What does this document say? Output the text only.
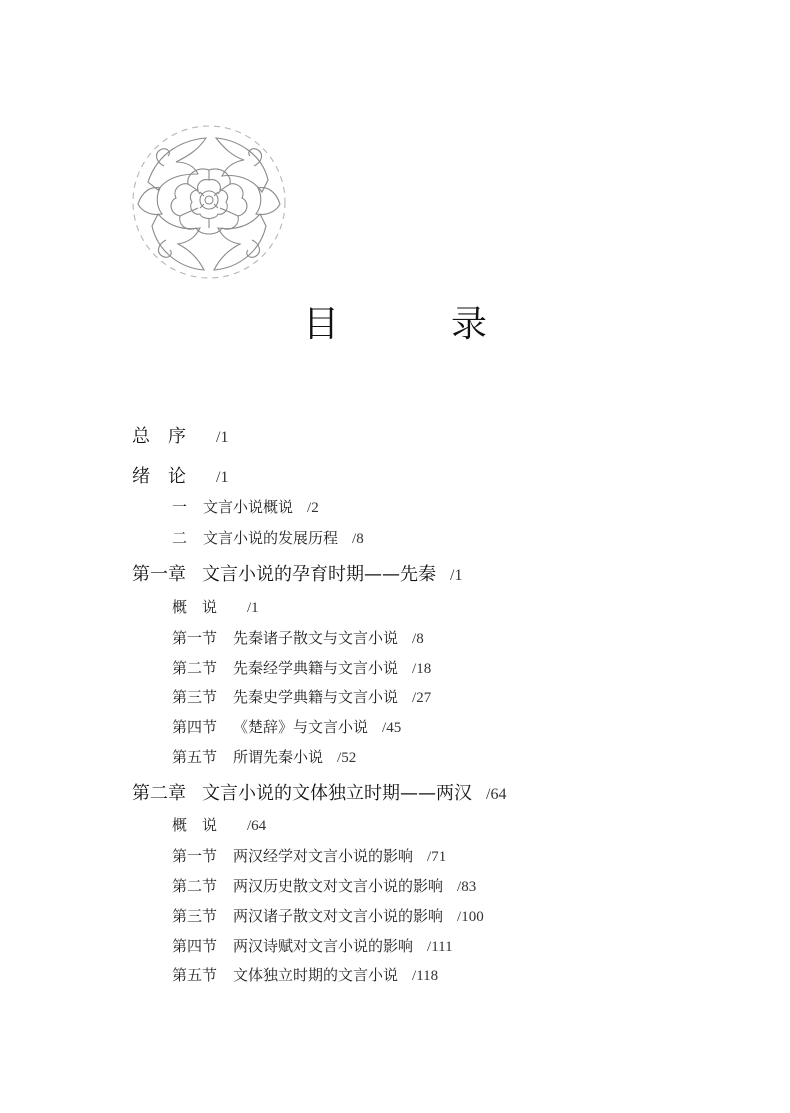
目　录
总　序 /1
绪　论 /1
一 文言小说概说 /2
二 文言小说的发展历程 /8
第一章 文言小说的孕育时期——先秦 /1
概　说 /1
第一节 先秦诸子散文与文言小说 /8
第二节 先秦经学典籍与文言小说 /18
第三节 先秦史学典籍与文言小说 /27
第四节 《楚辞》与文言小说 /45
第五节 所谓先秦小说 /52
第二章 文言小说的文体独立时期——两汉 /64
概　说 /64
第一节 两汉经学对文言小说的影响 /71
第二节 两汉历史散文对文言小说的影响 /83
第三节 两汉诸子散文对文言小说的影响 /100
第四节 两汉诗赋对文言小说的影响 /111
第五节 文体独立时期的文言小说 /118
